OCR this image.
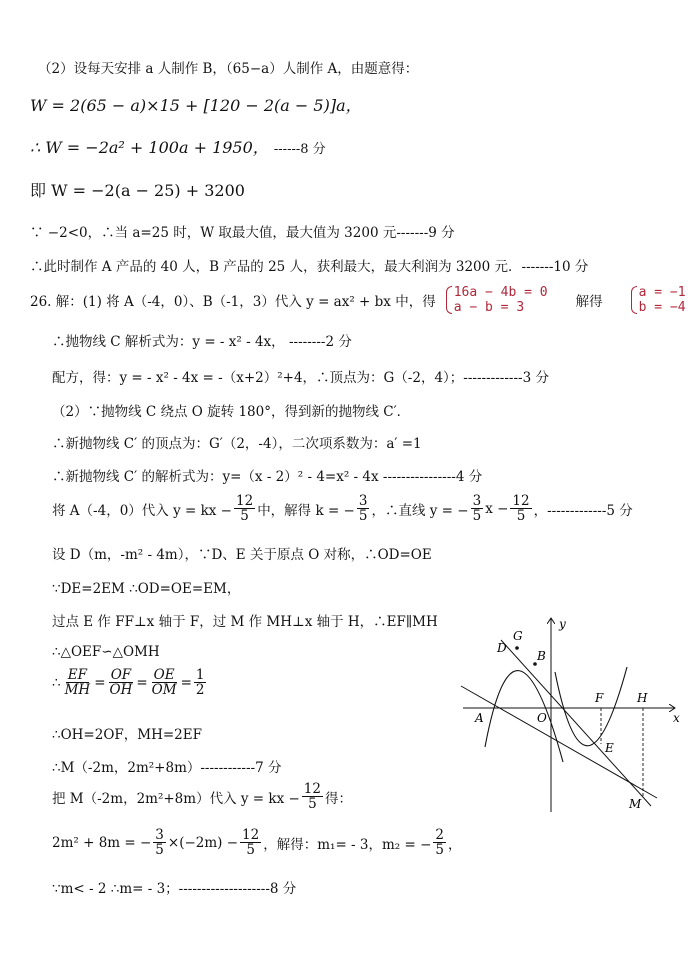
（2）设每天安排 a 人制作 B，（65−a）人制作 A，由题意得：
W = 2(65 − a)×15 + [120 − 2(a − 5)]a，
∴ W = −2a² + 100a + 1950， ------8 分
即 W = −2(a − 25) + 3200
∵ −2<0，∴当 a=25 时，W 取最大值，最大值为 3200 元-------9 分
∴此时制作 A 产品的 40 人，B 产品的 25 人，获利最大，最大利润为 3200 元．-------10 分
26. 解：(1) 将 A（-4，0）、B（-1，3）代入 y = ax² + bx 中，得
16a − 4b = 0
a − b = 3	解得
a = −1
b = −4
∴抛物线 C 解析式为：y = - x² - 4x， --------2 分
配方，得：y = - x² - 4x = -（x+2）²+4，∴顶点为：G（-2，4）；-------------3 分
（2）∵抛物线 C 绕点 O 旋转 180°，得到新的抛物线 C′．
∴新抛物线 C′ 的顶点为：G′（2，-4），二次项系数为：a′ =1
∴新抛物线 C′ 的解析式为：y=（x - 2）² - 4=x² - 4x ----------------4 分
将 A（-4，0）代入 y = kx − $\frac{12}{5}$ 中，解得 k = − $\frac{3}{5}$ ，∴直线 y = − $\frac{3}{5}$ $x - \frac{12}{5}$ ，-------------5 分
设 D（m，-m² - 4m），∵D、E 关于原点 O 对称，∴OD=OE
∵DE=2EM ∴OD=OE=EM，
过点 E 作 FF⊥x 轴于 F，过 M 作 MH⊥x 轴于 H，∴EF∥MH
∴△OEF∽△OMH
∴ $\frac{EF}{MH} = \frac{OF}{OH} = \frac{OE}{OM} = \frac{1}{2}$
∴OH=2OF，MH=2EF
∴M（-2m，2m²+8m）------------7 分
把 M（-2m，2m²+8m）代入 y = kx − $\frac{12}{5}$ 得：
2m² + 8m = − $\frac{3}{5} \times(-2m) - \frac{12}{5}$ ，解得：m₁= - 3，m₂ = − $\frac{2}{5}$ ，
∵m< - 2 ∴m= - 3；--------------------8 分
y
x
G
D
B
A	O
F	H
E
M
